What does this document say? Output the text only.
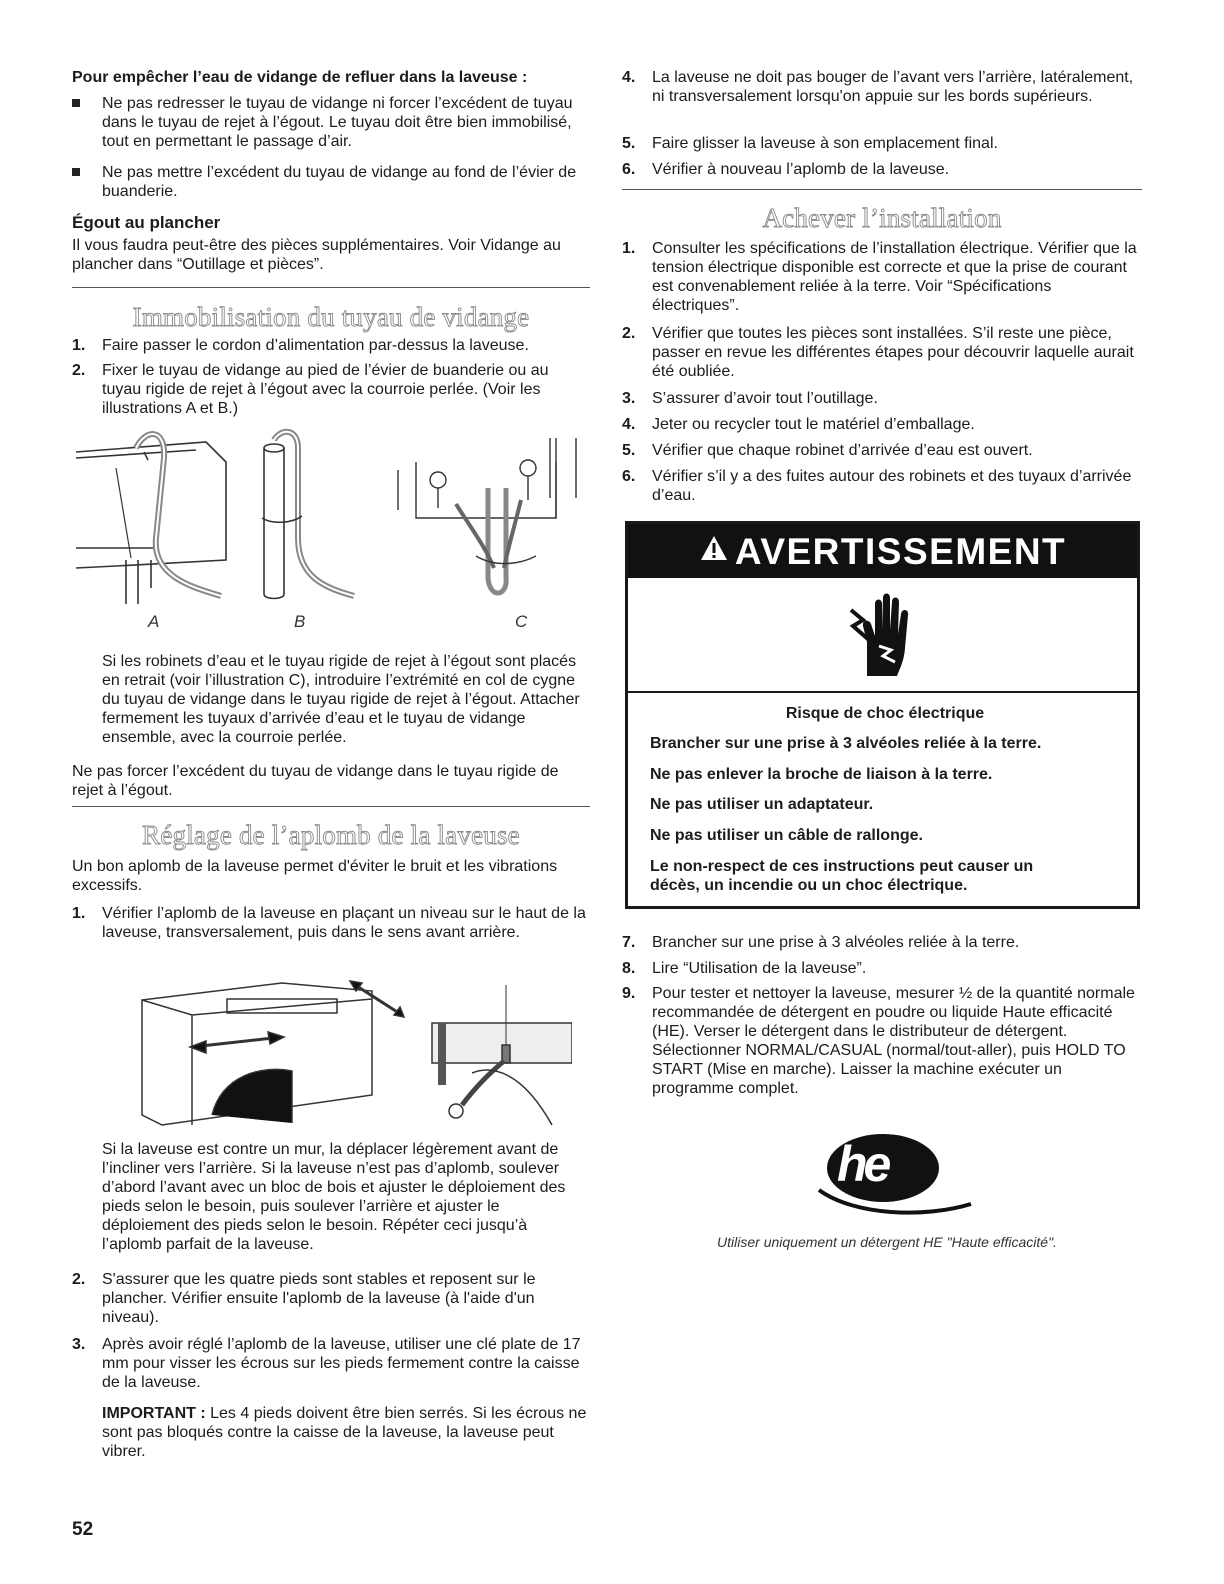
Pour empêcher l’eau de vidange de refluer dans la laveuse :

Ne pas redresser le tuyau de vidange ni forcer l’excédent de tuyau dans le tuyau de rejet à l’égout. Le tuyau doit être bien immobilisé, tout en permettant le passage d’air.

Ne pas mettre l’excédent du tuyau de vidange au fond de l’évier de buanderie.

Égout au plancher

Il vous faudra peut-être des pièces supplémentaires. Voir Vidange au plancher dans “Outillage et pièces”.

Immobilisation du tuyau de vidange
1. Faire passer le cordon d’alimentation par-dessus la laveuse.

2. Fixer le tuyau de vidange au pied de l’évier de buanderie ou au tuyau rigide de rejet à l’égout avec la courroie perlée. (Voir les illustrations A et B.)

A	B	C

Si les robinets d’eau et le tuyau rigide de rejet à l’égout sont placés en retrait (voir l’illustration C), introduire l’extrémité en col de cygne du tuyau de vidange dans le tuyau rigide de rejet à l’égout. Attacher fermement les tuyaux d’arrivée d’eau et le tuyau de vidange ensemble, avec la courroie perlée.

Ne pas forcer l’excédent du tuyau de vidange dans le tuyau rigide de rejet à l’égout.

Réglage de l’aplomb de la laveuse

Un bon aplomb de la laveuse permet d'éviter le bruit et les vibrations excessifs.

1. Vérifier l’aplomb de la laveuse en plaçant un niveau sur le haut de la laveuse, transversalement, puis dans le sens avant arrière.

Si la laveuse est contre un mur, la déplacer légèrement avant de l’incliner vers l’arrière. Si la laveuse n’est pas d’aplomb, soulever d’abord l’avant avec un bloc de bois et ajuster le déploiement des pieds selon le besoin, puis soulever l’arrière et ajuster le déploiement des pieds selon le besoin. Répéter ceci jusqu’à l’aplomb parfait de la laveuse.

2. S'assurer que les quatre pieds sont stables et reposent sur le plancher. Vérifier ensuite l'aplomb de la laveuse (à l'aide d'un niveau).

3. Après avoir réglé l’aplomb de la laveuse, utiliser une clé plate de 17 mm pour visser les écrous sur les pieds fermement contre la caisse de la laveuse.

IMPORTANT : Les 4 pieds doivent être bien serrés. Si les écrous ne sont pas bloqués contre la caisse de la laveuse, la laveuse peut vibrer.

52
4. La laveuse ne doit pas bouger de l’avant vers l’arrière, latéralement, ni transversalement lorsqu'on appuie sur les bords supérieurs.

5. Faire glisser la laveuse à son emplacement final.

6. Vérifier à nouveau l’aplomb de la laveuse.

Achever l’installation
1. Consulter les spécifications de l’installation électrique. Vérifier que la tension électrique disponible est correcte et que la prise de courant est convenablement reliée à la terre. Voir “Spécifications électriques”.

2. Vérifier que toutes les pièces sont installées. S’il reste une pièce, passer en revue les différentes étapes pour découvrir laquelle aurait été oubliée.

3. S’assurer d’avoir tout l’outillage.

4. Jeter ou recycler tout le matériel d’emballage.

5. Vérifier que chaque robinet d’arrivée d’eau est ouvert.

6. Vérifier s’il y a des fuites autour des robinets et des tuyaux d’arrivée d’eau.

AVERTISSEMENT

Risque de choc électrique

Brancher sur une prise à 3 alvéoles reliée à la terre.

Ne pas enlever la broche de liaison à la terre.

Ne pas utiliser un adaptateur.

Ne pas utiliser un câble de rallonge.

Le non-respect de ces instructions peut causer un décès, un incendie ou un choc électrique.

7. Brancher sur une prise à 3 alvéoles reliée à la terre.

8. Lire “Utilisation de la laveuse”.

9. Pour tester et nettoyer la laveuse, mesurer ½ de la quantité normale recommandée de détergent en poudre ou liquide Haute efficacité (HE). Verser le détergent dans le distributeur de détergent. Sélectionner NORMAL/CASUAL (normal/tout-aller), puis HOLD TO START (Mise en marche). Laisser la machine exécuter un programme complet.

he

Utiliser uniquement un détergent HE "Haute efficacité".
